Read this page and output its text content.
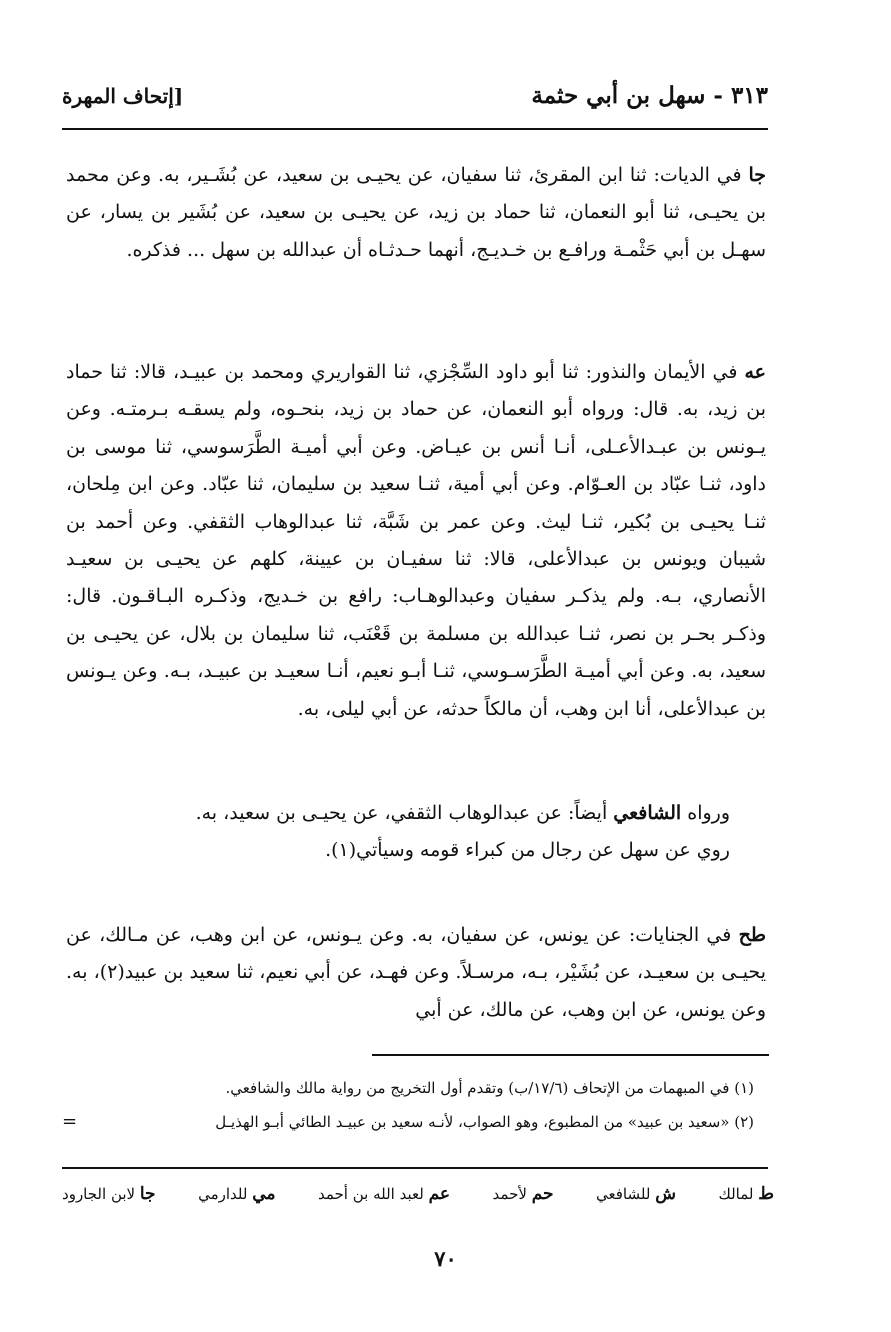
٣١٣ - سهل بن أبي حثمة
[إتحاف المهرة
جا في الديات: ثنا ابن المقرئ، ثنا سفيان، عن يحيـى بن سعيد، عن بُشَـير، به. وعن محمد بن يحيـى، ثنا أبو النعمان، ثنا حماد بن زيد، عن يحيـى بن سعيد، عن بُشَير بن يسار، عن سهـل بن أبي حَثْمـة ورافـع بن خـديـج، أنهما حـدثـاه أن عبدالله بن سهل ... فذكره.
عه في الأيمان والنذور: ثنا أبو داود السِّجْزي، ثنا القواريري ومحمد بن عبيـد، قالا: ثنا حماد بن زيد، به. قال: ورواه أبو النعمان، عن حماد بن زيد، بنحـوه، ولم يسقـه بـرمتـه. وعن يـونس بن عبـدالأعـلى، أنـا أنس بن عيـاض. وعن أبي أميـة الطَّرَسوسي، ثنا موسى بن داود، ثنـا عبّاد بن العـوّام. وعن أبي أمية، ثنـا سعيد بن سليمان، ثنا عبّاد. وعن ابن مِلحان، ثنـا يحيـى بن بُكير، ثنـا ليث. وعن عمر بن شَبَّة، ثنا عبدالوهاب الثقفي. وعن أحمد بن شيبان ويونس بن عبدالأعلى، قالا: ثنا سفيـان بن عيينة، كلهم عن يحيـى بن سعيـد الأنصاري، بـه. ولم يذكـر سفيان وعبدالوهـاب: رافع بن خـديج، وذكـره البـاقـون. قال: وذكـر بحـر بن نصر، ثنـا عبدالله بن مسلمة بن قَعْنَب، ثنا سليمان بن بلال، عن يحيـى بن سعيد، به. وعن أبي أميـة الطَّرَسـوسي، ثنـا أبـو نعيم، أنـا سعيـد بن عبيـد، بـه. وعن يـونس بن عبدالأعلى، أنا ابن وهب، أن مالكاً حدثه، عن أبي ليلى، به.
ورواه الشافعي أيضاً: عن عبدالوهاب الثقفي، عن يحيـى بن سعيد، به.
روي عن سهل عن رجال من كبراء قومه وسيأتي(١).
طح في الجنايات: عن يونس، عن سفيان، به. وعن يـونس، عن ابن وهب، عن مـالك، عن يحيـى بن سعيـد، عن بُشَيْر، بـه، مرسـلاً. وعن فهـد، عن أبي نعيم، ثنا سعيد بن عبيد(٢)، به. وعن يونس، عن ابن وهب، عن مالك، عن أبي
(١) في المبهمات من الإتحاف (١٧/٦/ب) وتقدم أول التخريج من رواية مالك والشافعي.
(٢) «سعيد بن عبيد» من المطبوع، وهو الصواب، لأنـه سعيد بن عبيـد الطائي أبـو الهذيـل
=
ط لمالك
ش للشافعي
حم لأحمد
عم لعبد الله بن أحمد
مي للدارمي
جا لابن الجارود
٧٠
